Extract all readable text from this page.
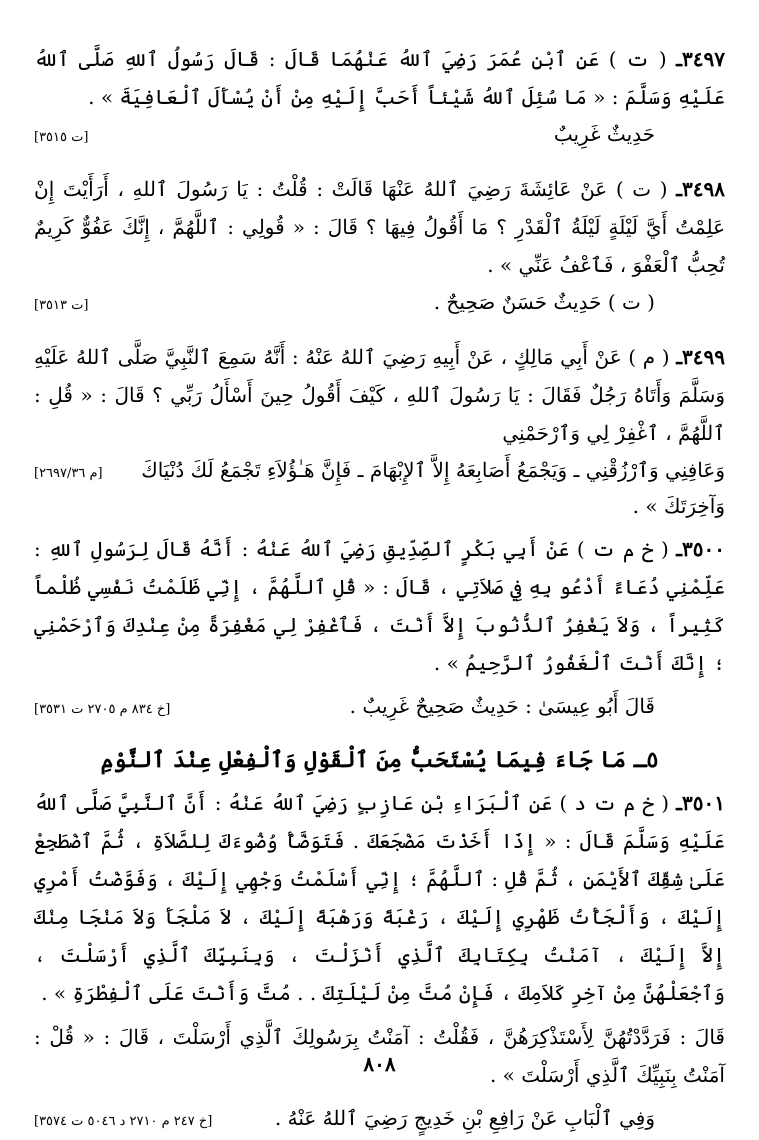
٣٤٩٧ـ ( ت ) عَنِ ٱبْنِ عُمَرَ رَضِيَ ٱللهُ عَنْهُمَا قَالَ : قَالَ رَسُولُ ٱللهِ صَلَّى ٱللهُ عَلَيْهِ وَسَلَّمَ : « مَا سُئِلَ ٱللهُ شَيْئاً أَحَبَّ إِلَيْهِ مِنْ أَنْ يُسْأَلَ ٱلْعَافِيَةَ » .

حَدِيثٌ غَرِيبٌ
[ت ٣٥١٥]

٣٤٩٨ـ ( ت ) عَنْ عَائِشَةَ رَضِيَ ٱللهُ عَنْهَا قَالَتْ : قُلْتُ : يَا رَسُولَ ٱللهِ ، أَرَأَيْتَ إِنْ عَلِمْتُ أَيَّ لَيْلَةٍ لَيْلَةُ ٱلْقَدْرِ ؟ مَا أَقُولُ فِيهَا ؟ قَالَ : « قُولِي : ٱللَّهُمَّ ، إِنَّكَ عَفُوٌّ كَرِيمٌ تُحِبُّ ٱلْعَفْوَ ، فَٱعْفُ عَنِّي » .

( ت ) حَدِيثٌ حَسَنٌ صَحِيحٌ .
[ت ٣٥١٣]

٣٤٩٩ـ ( م ) عَنْ أَبِي مَالِكٍ ، عَنْ أَبِيهِ رَضِيَ ٱللهُ عَنْهُ : أَنَّهُ سَمِعَ ٱلنَّبِيَّ صَلَّى ٱللهُ عَلَيْهِ وَسَلَّمَ وَأَتَاهُ رَجُلٌ فَقَالَ : يَا رَسُولَ ٱللهِ ، كَيْفَ أَقُولُ حِينَ أَسْأَلُ رَبِّي ؟ قَالَ : « قُلِ : ٱللَّهُمَّ ، ٱغْفِرْ لِي وَٱرْحَمْنِي

وَعَافِنِي وَٱرْزُقْنِي ـ وَيَجْمَعُ أَصَابِعَهُ إِلاَّ ٱلإِبْهَامَ ـ فَإِنَّ هَـٰؤُلاَءِ تَجْمَعُ لَكَ دُنْيَاكَ وَآخِرَتَكَ » .
[م ٢٦٩٧/٣٦]

٣٥٠٠ـ ( خ م ت ) عَنْ أَبِي بَكْرٍ ٱلصِّدِّيقِ رَضِيَ ٱللهُ عَنْهُ : أَنَّهُ قَالَ لِرَسُولِ ٱللهِ : عَلِّمْنِي دُعَاءً أَدْعُو بِهِ فِي صَلاَتِي ، قَالَ : « قُلِ ٱللَّهُمَّ ، إِنِّي ظَلَمْتُ نَفْسِي ظُلْماً كَثِيراً ، وَلاَ يَغْفِرُ ٱلذُّنُوبَ إِلاَّ أَنْتَ ، فَٱغْفِرْ لِي مَغْفِرَةً مِنْ عِنْدِكَ وَٱرْحَمْنِي ؛ إِنَّكَ أَنْتَ ٱلْغَفُورُ ٱلرَّحِيمُ » .

قَالَ أَبُو عِيسَىٰ : حَدِيثٌ صَحِيحٌ غَرِيبٌ .
[خ ٨٣٤ م ٢٧٠٥ ت ٣٥٣١]
٥ـ مَا جَاءَ فِيمَا يُسْتَحَبُّ مِنَ ٱلْقَوْلِ وَٱلْفِعْلِ عِنْدَ ٱلنَّوْمِ

٣٥٠١ـ ( خ م ت د ) عَنِ ٱلْبَرَاءِ بْنِ عَازِبٍ رَضِيَ ٱللهُ عَنْهُ : أَنَّ ٱلنَّبِيَّ صَلَّى ٱللهُ عَلَيْهِ وَسَلَّمَ قَالَ : « إِذَا أَخَذْتَ مَضْجَعَكَ . فَتَوَضَّأْ وُضُوءَكَ لِلصَّلاَةِ ، ثُمَّ ٱضْطَجِعْ عَلَىٰ شِقِّكَ ٱلأَيْمَنِ ، ثُمَّ قُلِ : ٱللَّهُمَّ ؛ إِنِّي أَسْلَمْتُ وَجْهِي إِلَيْكَ ، وَفَوَّضْتُ أَمْرِي إِلَيْكَ ، وَأَلْجَأْتُ ظَهْرِي إِلَيْكَ ، رَغْبَةً وَرَهْبَةً إِلَيْكَ ، لاَ مَلْجَأَ وَلاَ مَنْجَا مِنْكَ إِلاَّ إِلَيْكَ ، آمَنْتُ بِكِتَابِكَ ٱلَّذِي أَنْزَلْتَ ، وَبِنَبِيِّكَ ٱلَّذِي أَرْسَلْتَ ، وَٱجْعَلْهُنَّ مِنْ آخِرِ كَلاَمِكَ ، فَإِنْ مُتَّ مِنْ لَيْلَتِكَ . . مُتَّ وَأَنْتَ عَلَى ٱلْفِطْرَةِ » .

قَالَ : فَرَدَّدْتُهُنَّ لِأَسْتَذْكِرَهُنَّ ، فَقُلْتُ : آمَنْتُ بِرَسُولِكَ ٱلَّذِي أَرْسَلْتَ ، قَالَ : « قُلْ : آمَنْتُ بِنَبِيِّكَ ٱلَّذِي أَرْسَلْتَ » .

وَفِي ٱلْبَابِ عَنْ رَافِعِ بْنِ خَدِيجٍ رَضِيَ ٱللهُ عَنْهُ .
[خ ٢٤٧ م ٢٧١٠ د ٥٠٤٦ ت ٣٥٧٤]
٨٠٨
